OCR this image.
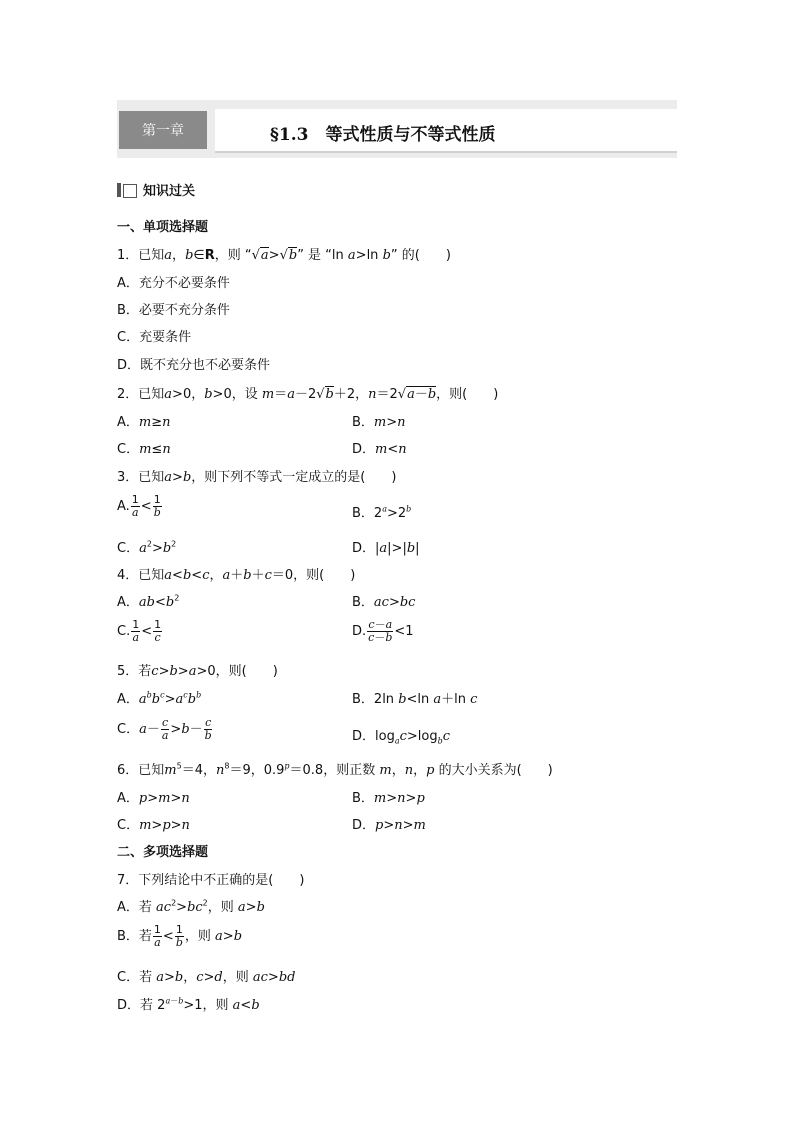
第一章	§1.3　等式性质与不等式性质
知识过关
一、单项选择题
1．已知a，b∈R，则 “√a>√b” 是 “ln a>ln b” 的(　　)
A．充分不必要条件
B．必要不充分条件
C．充要条件
D．既不充分也不必要条件
2．已知a>0，b>0，设 m＝a－2√b＋2，n＝2√a－b，则(　　)
A．m≥n	B．m>n
C．m≤n	D．m<n
3．已知a>b，则下列不等式一定成立的是(　　)
A. $\frac{1}{a} < \frac{1}{b}$	B．$2^a>2^b$
C．$a^2>b^2$	D．|a|>|b|
4．已知a<b<c，a＋b＋c＝0，则(　　)
A．$ab<b^2$	B．ac>bc
C. $\frac{1}{a} < \frac{1}{c}$	D. $\frac{c-a}{c-b} <1$
5．若c>b>a>0，则(　　)
A．$a^bb^c>a^cb^b$	B．2ln b<ln a＋ln c
C．$a- \frac{c}{a} >b- \frac{c}{b}$	D．$\log_ac>\log_bc$
6．已知$m^5=4$，$n^8=9$，$0.9^p=0.8$，则正数 m，n，p 的大小关系为(　　)
A．p>m>n	B．m>n>p
C．m>p>n	D．p>n>m
二、多项选择题
7．下列结论中不正确的是(　　)
A．若 $ac^2>bc^2$，则 a>b
B．若 $\frac{1}{a} < \frac{1}{b}$ ，则 a>b
C．若 a>b，c>d，则 ac>bd
D．若 $2^{a-b}>1$，则 a<b
